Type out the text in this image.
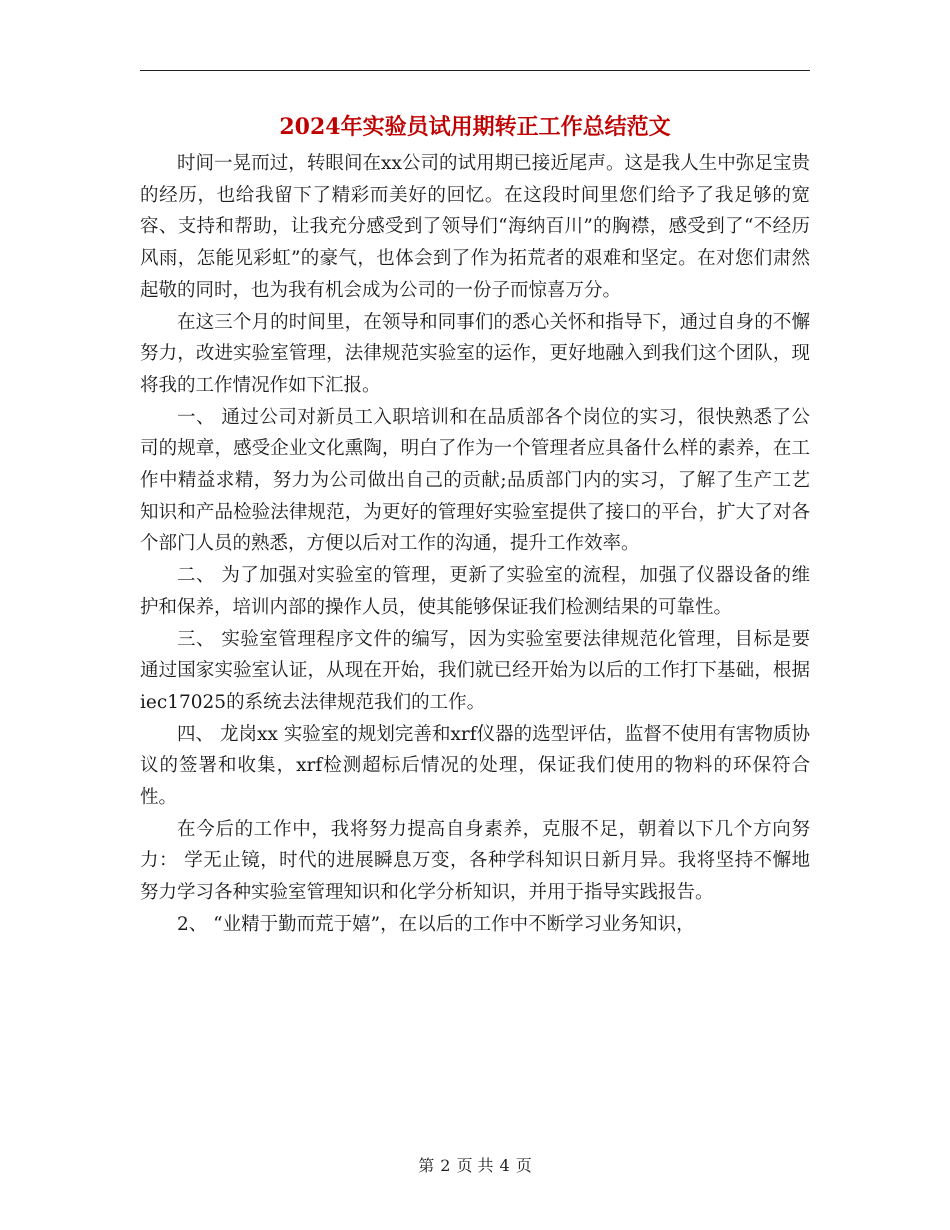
2024年实验员试用期转正工作总结范文

时间一晃而过，转眼间在xx公司的试用期已接近尾声。这是我人生中弥足宝贵的经历，也给我留下了精彩而美好的回忆。在这段时间里您们给予了我足够的宽容、支持和帮助，让我充分感受到了领导们“海纳百川”的胸襟，感受到了“不经历风雨，怎能见彩虹”的豪气，也体会到了作为拓荒者的艰难和坚定。在对您们肃然起敬的同时，也为我有机会成为公司的一份子而惊喜万分。

在这三个月的时间里，在领导和同事们的悉心关怀和指导下，通过自身的不懈努力，改进实验室管理，法律规范实验室的运作，更好地融入到我们这个团队，现将我的工作情况作如下汇报。

一、 通过公司对新员工入职培训和在品质部各个岗位的实习，很快熟悉了公司的规章，感受企业文化熏陶，明白了作为一个管理者应具备什么样的素养，在工作中精益求精，努力为公司做出自己的贡献;品质部门内的实习，了解了生产工艺知识和产品检验法律规范，为更好的管理好实验室提供了接口的平台，扩大了对各个部门人员的熟悉，方便以后对工作的沟通，提升工作效率。

二、 为了加强对实验室的管理，更新了实验室的流程，加强了仪器设备的维护和保养，培训内部的操作人员，使其能够保证我们检测结果的可靠性。

三、 实验室管理程序文件的编写，因为实验室要法律规范化管理，目标是要通过国家实验室认证，从现在开始，我们就已经开始为以后的工作打下基础，根据iec17025的系统去法律规范我们的工作。

四、 龙岗xx 实验室的规划完善和xrf仪器的选型评估，监督不使用有害物质协议的签署和收集，xrf检测超标后情况的处理，保证我们使用的物料的环保符合性。

在今后的工作中，我将努力提高自身素养，克服不足，朝着以下几个方向努力： 学无止镜，时代的进展瞬息万变，各种学科知识日新月异。我将坚持不懈地努力学习各种实验室管理知识和化学分析知识，并用于指导实践报告。

2、 “业精于勤而荒于嬉”，在以后的工作中不断学习业务知识，

第 2 页 共 4 页
